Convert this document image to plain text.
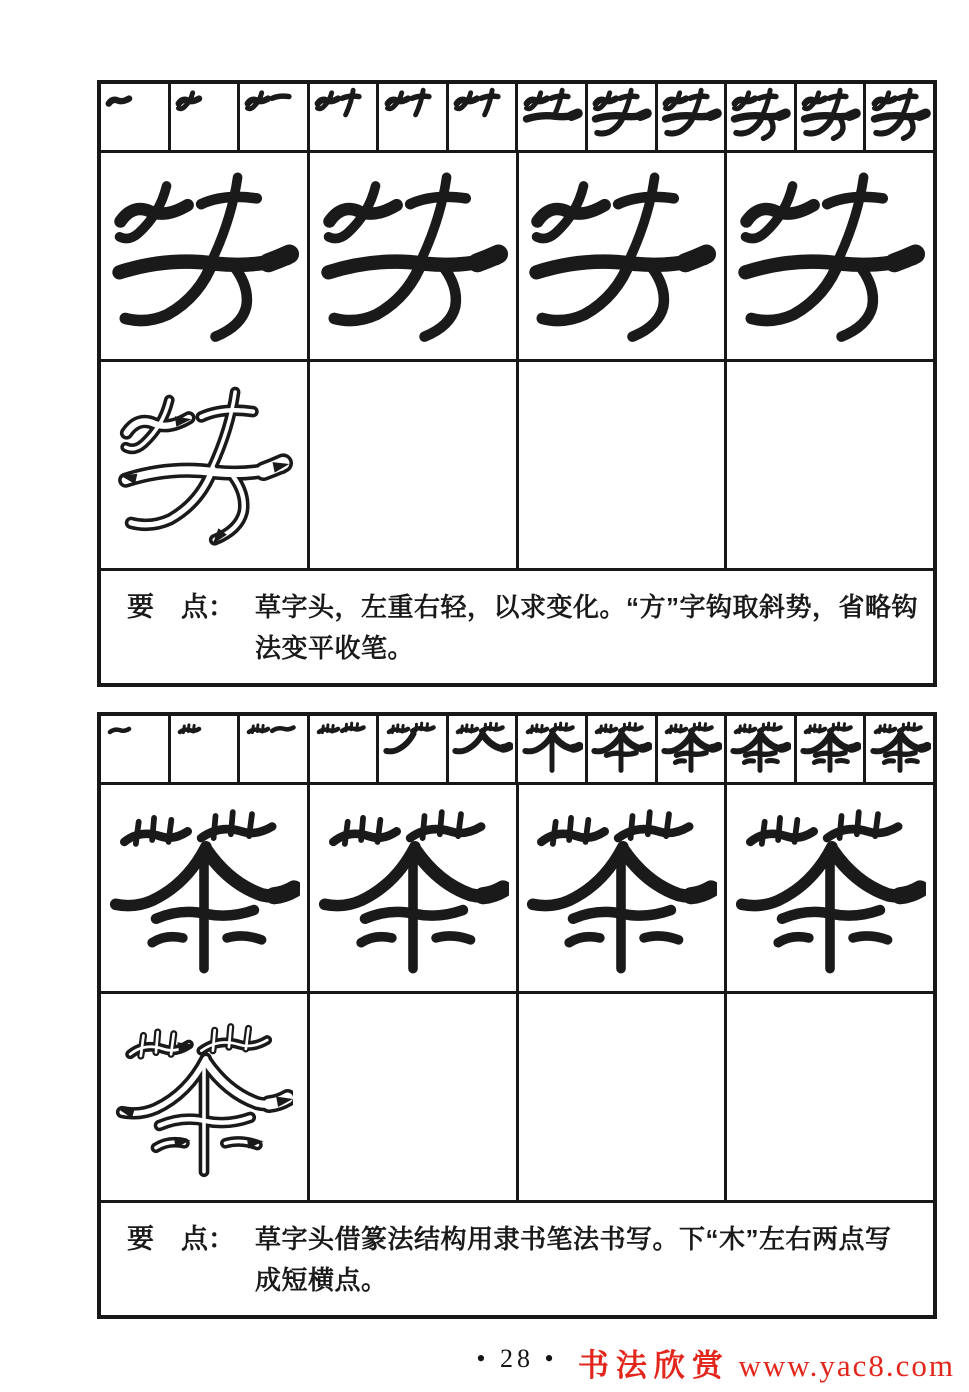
要　点： 草字头，左重右轻，以求变化。“方”字钩取斜势，省略钩
法变平收笔。
要　点： 草字头借篆法结构用隶书笔法书写。下“木”左右两点写
成短横点。
• 28 • 书法欣赏 www.yac8.com
